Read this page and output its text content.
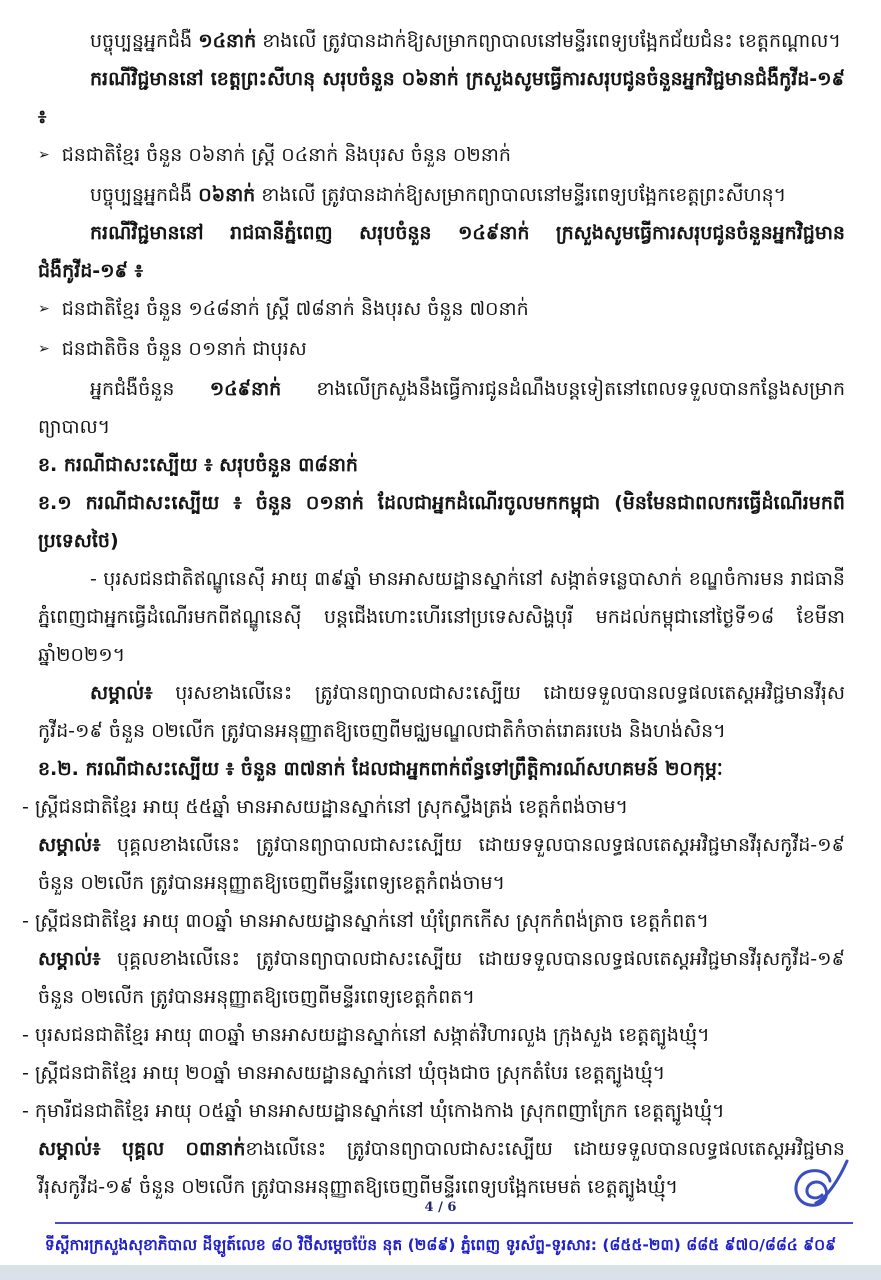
បច្ចុប្បន្នអ្នកជំងឺ ១៤នាក់ ខាងលើ ត្រូវបានដាក់ឱ្យសម្រាកព្យាបាលនៅមន្ទីរពេទ្យបង្អែកជ័យជំនះ ខេត្តកណ្តាល។

ករណីវិជ្ជមាននៅ ខេត្តព្រះសីហនុ សរុបចំនួន ០៦នាក់ ក្រសួងសូមធ្វើការសរុបជូនចំនួនអ្នកវិជ្ជមានជំងឺកូវីដ-១៩ ៖

➢ ជនជាតិខ្មែរ ចំនួន ០៦នាក់ ស្ត្រី ០៤នាក់ និងបុរស ចំនួន ០២នាក់

បច្ចុប្បន្នអ្នកជំងឺ ០៦នាក់ ខាងលើ ត្រូវបានដាក់ឱ្យសម្រាកព្យាបាលនៅមន្ទីរពេទ្យបង្អែកខេត្តព្រះសីហនុ។

ករណីវិជ្ជមាននៅ រាជធានីភ្នំពេញ សរុបចំនួន ១៤៩នាក់ ក្រសួងសូមធ្វើការសរុបជូនចំនួនអ្នកវិជ្ជមានជំងឺកូវីដ-១៩ ៖

➢ ជនជាតិខ្មែរ ចំនួន ១៤៨នាក់ ស្ត្រី ៧៨នាក់ និងបុរស ចំនួន ៧០នាក់

➢ ជនជាតិចិន ចំនួន ០១នាក់ ជាបុរស

អ្នកជំងឺចំនួន ១៤៩នាក់ ខាងលើក្រសួងនឹងធ្វើការជូនដំណឹងបន្តទៀតនៅពេលទទួលបានកន្លែងសម្រាកព្យាបាល។

ខ. ករណីជាសះស្បើយ ៖ សរុបចំនួន ៣៨នាក់

ខ.១ ករណីជាសះស្បើយ ៖ ចំនួន ០១នាក់ ដែលជាអ្នកដំណើរចូលមកកម្ពុជា (មិនមែនជាពលករធ្វើដំណើរមកពីប្រទេសថៃ)

- បុរសជនជាតិឥណ្ឌូនេស៊ី អាយុ ៣៩ឆ្នាំ មានអាសយដ្ឋានស្នាក់នៅ សង្កាត់ទន្លេបាសាក់ ខណ្ឌចំការមន រាជធានីភ្នំពេញជាអ្នកធ្វើដំណើរមកពីឥណ្ឌូនេស៊ី បន្តជើងហោះហើរនៅប្រទេសសិង្ហបុរី មកដល់កម្ពុជានៅថ្ងៃទី១៨ ខែមីនា ឆ្នាំ២០២១។

សម្គាល់៖ បុរសខាងលើនេះ ត្រូវបានព្យាបាលជាសះស្បើយ ដោយទទួលបានលទ្ធផលតេស្ដអវិជ្ជមានវីរុស កូវីដ-១៩ ចំនួន ០២លើក ត្រូវបានអនុញ្ញាតឱ្យចេញពីមជ្ឈមណ្ឌលជាតិកំចាត់រោគរបេង និងហង់សិន។

ខ.២. ករណីជាសះស្បើយ ៖ ចំនួន ៣៧នាក់ ដែលជាអ្នកពាក់ព័ន្ធទៅព្រឹត្តិការណ៍សហគមន៍ ២០កុម្ភៈ

- ស្ត្រីជនជាតិខ្មែរ អាយុ ៥៥ឆ្នាំ មានអាសយដ្ឋានស្នាក់នៅ ស្រុកស្ទឹងត្រង់ ខេត្តកំពង់ចាម។

សម្គាល់៖ បុគ្គលខាងលើនេះ ត្រូវបានព្យាបាលជាសះស្បើយ ដោយទទួលបានលទ្ធផលតេស្ដអវិជ្ជមានវីរុសកូវីដ-១៩ ចំនួន ០២លើក ត្រូវបានអនុញ្ញាតឱ្យចេញពីមន្ទីរពេទ្យខេត្តកំពង់ចាម។

- ស្ត្រីជនជាតិខ្មែរ អាយុ ៣០ឆ្នាំ មានអាសយដ្ឋានស្នាក់នៅ ឃុំព្រែកកើស ស្រុកកំពង់ត្រាច ខេត្តកំពត។

សម្គាល់៖ បុគ្គលខាងលើនេះ ត្រូវបានព្យាបាលជាសះស្បើយ ដោយទទួលបានលទ្ធផលតេស្ដអវិជ្ជមានវីរុសកូវីដ-១៩ ចំនួន ០២លើក ត្រូវបានអនុញ្ញាតឱ្យចេញពីមន្ទីរពេទ្យខេត្តកំពត។

- បុរសជនជាតិខ្មែរ អាយុ ៣០ឆ្នាំ មានអាសយដ្ឋានស្នាក់នៅ សង្កាត់វិហារលួង ក្រុងសួង ខេត្តត្បូងឃ្មុំ។

- ស្ត្រីជនជាតិខ្មែរ អាយុ ២០ឆ្នាំ មានអាសយដ្ឋានស្នាក់នៅ ឃុំចុងជាច ស្រុកតំបែរ ខេត្តត្បូងឃ្មុំ។

- កុមារីជនជាតិខ្មែរ អាយុ ០៥ឆ្នាំ មានអាសយដ្ឋានស្នាក់នៅ ឃុំកោងកាង ស្រុកពញាក្រែក ខេត្តត្បូងឃ្មុំ។

សម្គាល់៖ បុគ្គល ០៣នាក់ខាងលើនេះ ត្រូវបានព្យាបាលជាសះស្បើយ ដោយទទួលបានលទ្ធផលតេស្ដអវិជ្ជមានវីរុសកូវីដ-១៩ ចំនួន ០២លើក ត្រូវបានអនុញ្ញាតឱ្យចេញពីមន្ទីរពេទ្យបង្អែកមេមត់ ខេត្តត្បូងឃ្មុំ។

4 / 6
ទីស្តីការក្រសួងសុខាភិបាល ដីឡូត៍លេខ ៨០ វិថីសម្តេចប៉ែន នុត (២៨៩) ភ្នំពេញ ទូរស័ព្ទ-ទូរសារ: (៨៥៥-២៣) ៨៨៥ ៩៧០/៨៨៤ ៩០៩
